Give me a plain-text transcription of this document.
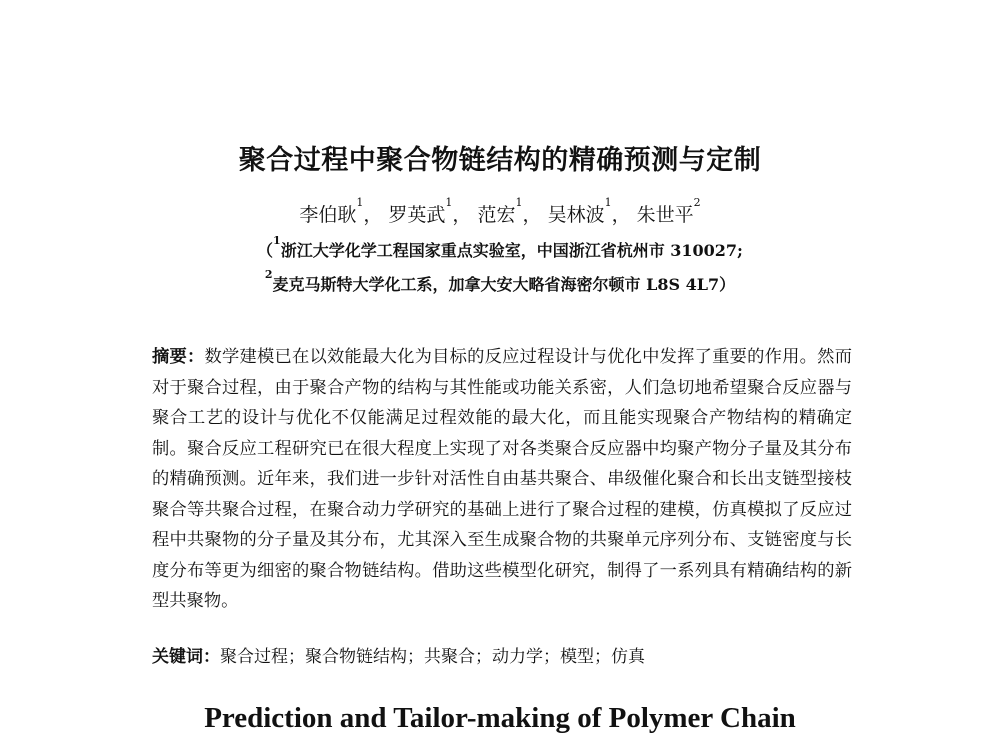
聚合过程中聚合物链结构的精确预测与定制
李伯耿$^1$， 罗英武$^1$， 范宏$^1$， 吴林波$^1$， 朱世平$^2$
（$^1$浙江大学化学工程国家重点实验室，中国浙江省杭州市 310027;
$^2$麦克马斯特大学化工系，加拿大安大略省海密尔顿市 L8S 4L7）
摘要：数学建模已在以效能最大化为目标的反应过程设计与优化中发挥了重要的作用。然而对于聚合过程，由于聚合产物的结构与其性能或功能关系密，人们急切地希望聚合反应器与聚合工艺的设计与优化不仅能满足过程效能的最大化，而且能实现聚合产物结构的精确定制。聚合反应工程研究已在很大程度上实现了对各类聚合反应器中均聚产物分子量及其分布的精确预测。近年来，我们进一步针对活性自由基共聚合、串级催化聚合和长出支链型接枝聚合等共聚合过程，在聚合动力学研究的基础上进行了聚合过程的建模，仿真模拟了反应过程中共聚物的分子量及其分布，尤其深入至生成聚合物的共聚单元序列分布、支链密度与长度分布等更为细密的聚合物链结构。借助这些模型化研究，制得了一系列具有精确结构的新型共聚物。
关键词：聚合过程；聚合物链结构；共聚合；动力学；模型；仿真
Prediction and Tailor-making of Polymer Chain
